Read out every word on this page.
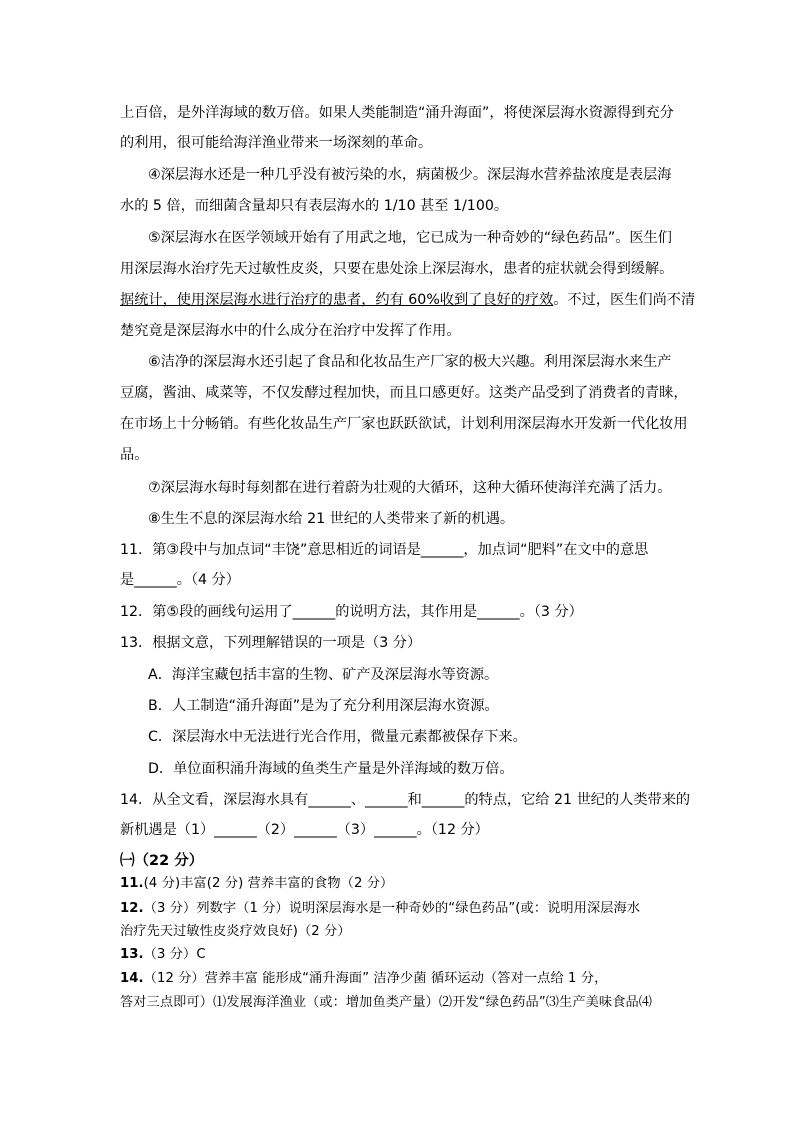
上百倍，是外洋海域的数万倍。如果人类能制造“涌升海面”，将使深层海水资源得到充分
的利用，很可能给海洋渔业带来一场深刻的革命。
④深层海水还是一种几乎没有被污染的水，病菌极少。深层海水营养盐浓度是表层海
水的 5 倍，而细菌含量却只有表层海水的 1/10 甚至 1/100。
⑤深层海水在医学领域开始有了用武之地，它已成为一种奇妙的“绿色药品”。医生们
用深层海水治疗先天过敏性皮炎，只要在患处涂上深层海水，患者的症状就会得到缓解。
据统计，使用深层海水进行治疗的患者，约有 60%收到了良好的疗效。不过，医生们尚不清
楚究竟是深层海水中的什么成分在治疗中发挥了作用。
⑥洁净的深层海水还引起了食品和化妆品生产厂家的极大兴趣。利用深层海水来生产
豆腐，酱油、咸菜等，不仅发酵过程加快，而且口感更好。这类产品受到了消费者的青睐，
在市场上十分畅销。有些化妆品生产厂家也跃跃欲试，计划利用深层海水开发新一代化妆用
品。
⑦深层海水每时每刻都在进行着蔚为壮观的大循环，这种大循环使海洋充满了活力。
⑧生生不息的深层海水给 21 世纪的人类带来了新的机遇。
11．第③段中与加点词“丰饶”意思相近的词语是______，加点词“肥料”在文中的意思
是______。（4 分）
12．第⑤段的画线句运用了______的说明方法，其作用是______。（3 分）
13．根据文意，下列理解错误的一项是（3 分）
A．海洋宝藏包括丰富的生物、矿产及深层海水等资源。
B．人工制造“涌升海面”是为了充分利用深层海水资源。
C．深层海水中无法进行光合作用，微量元素都被保存下来。
D．单位面积涌升海域的鱼类生产量是外洋海域的数万倍。
14．从全文看，深层海水具有______、______和______的特点，它给 21 世纪的人类带来的
新机遇是（1）______（2）______（3）______。（12 分）
㈠（22 分）
11.(4 分)丰富(2 分) 营养丰富的食物（2 分）
12.（3 分）列数字（1 分）说明深层海水是一种奇妙的“绿色药品”(或：说明用深层海水
治疗先天过敏性皮炎疗效良好)（2 分）
13.（3 分）C
14.（12 分）营养丰富 能形成“涌升海面” 洁净少菌 循环运动（答对一点给 1 分，
答对三点即可）⑴发展海洋渔业（或：增加鱼类产量）⑵开发“绿色药品”⑶生产美味食品⑷
